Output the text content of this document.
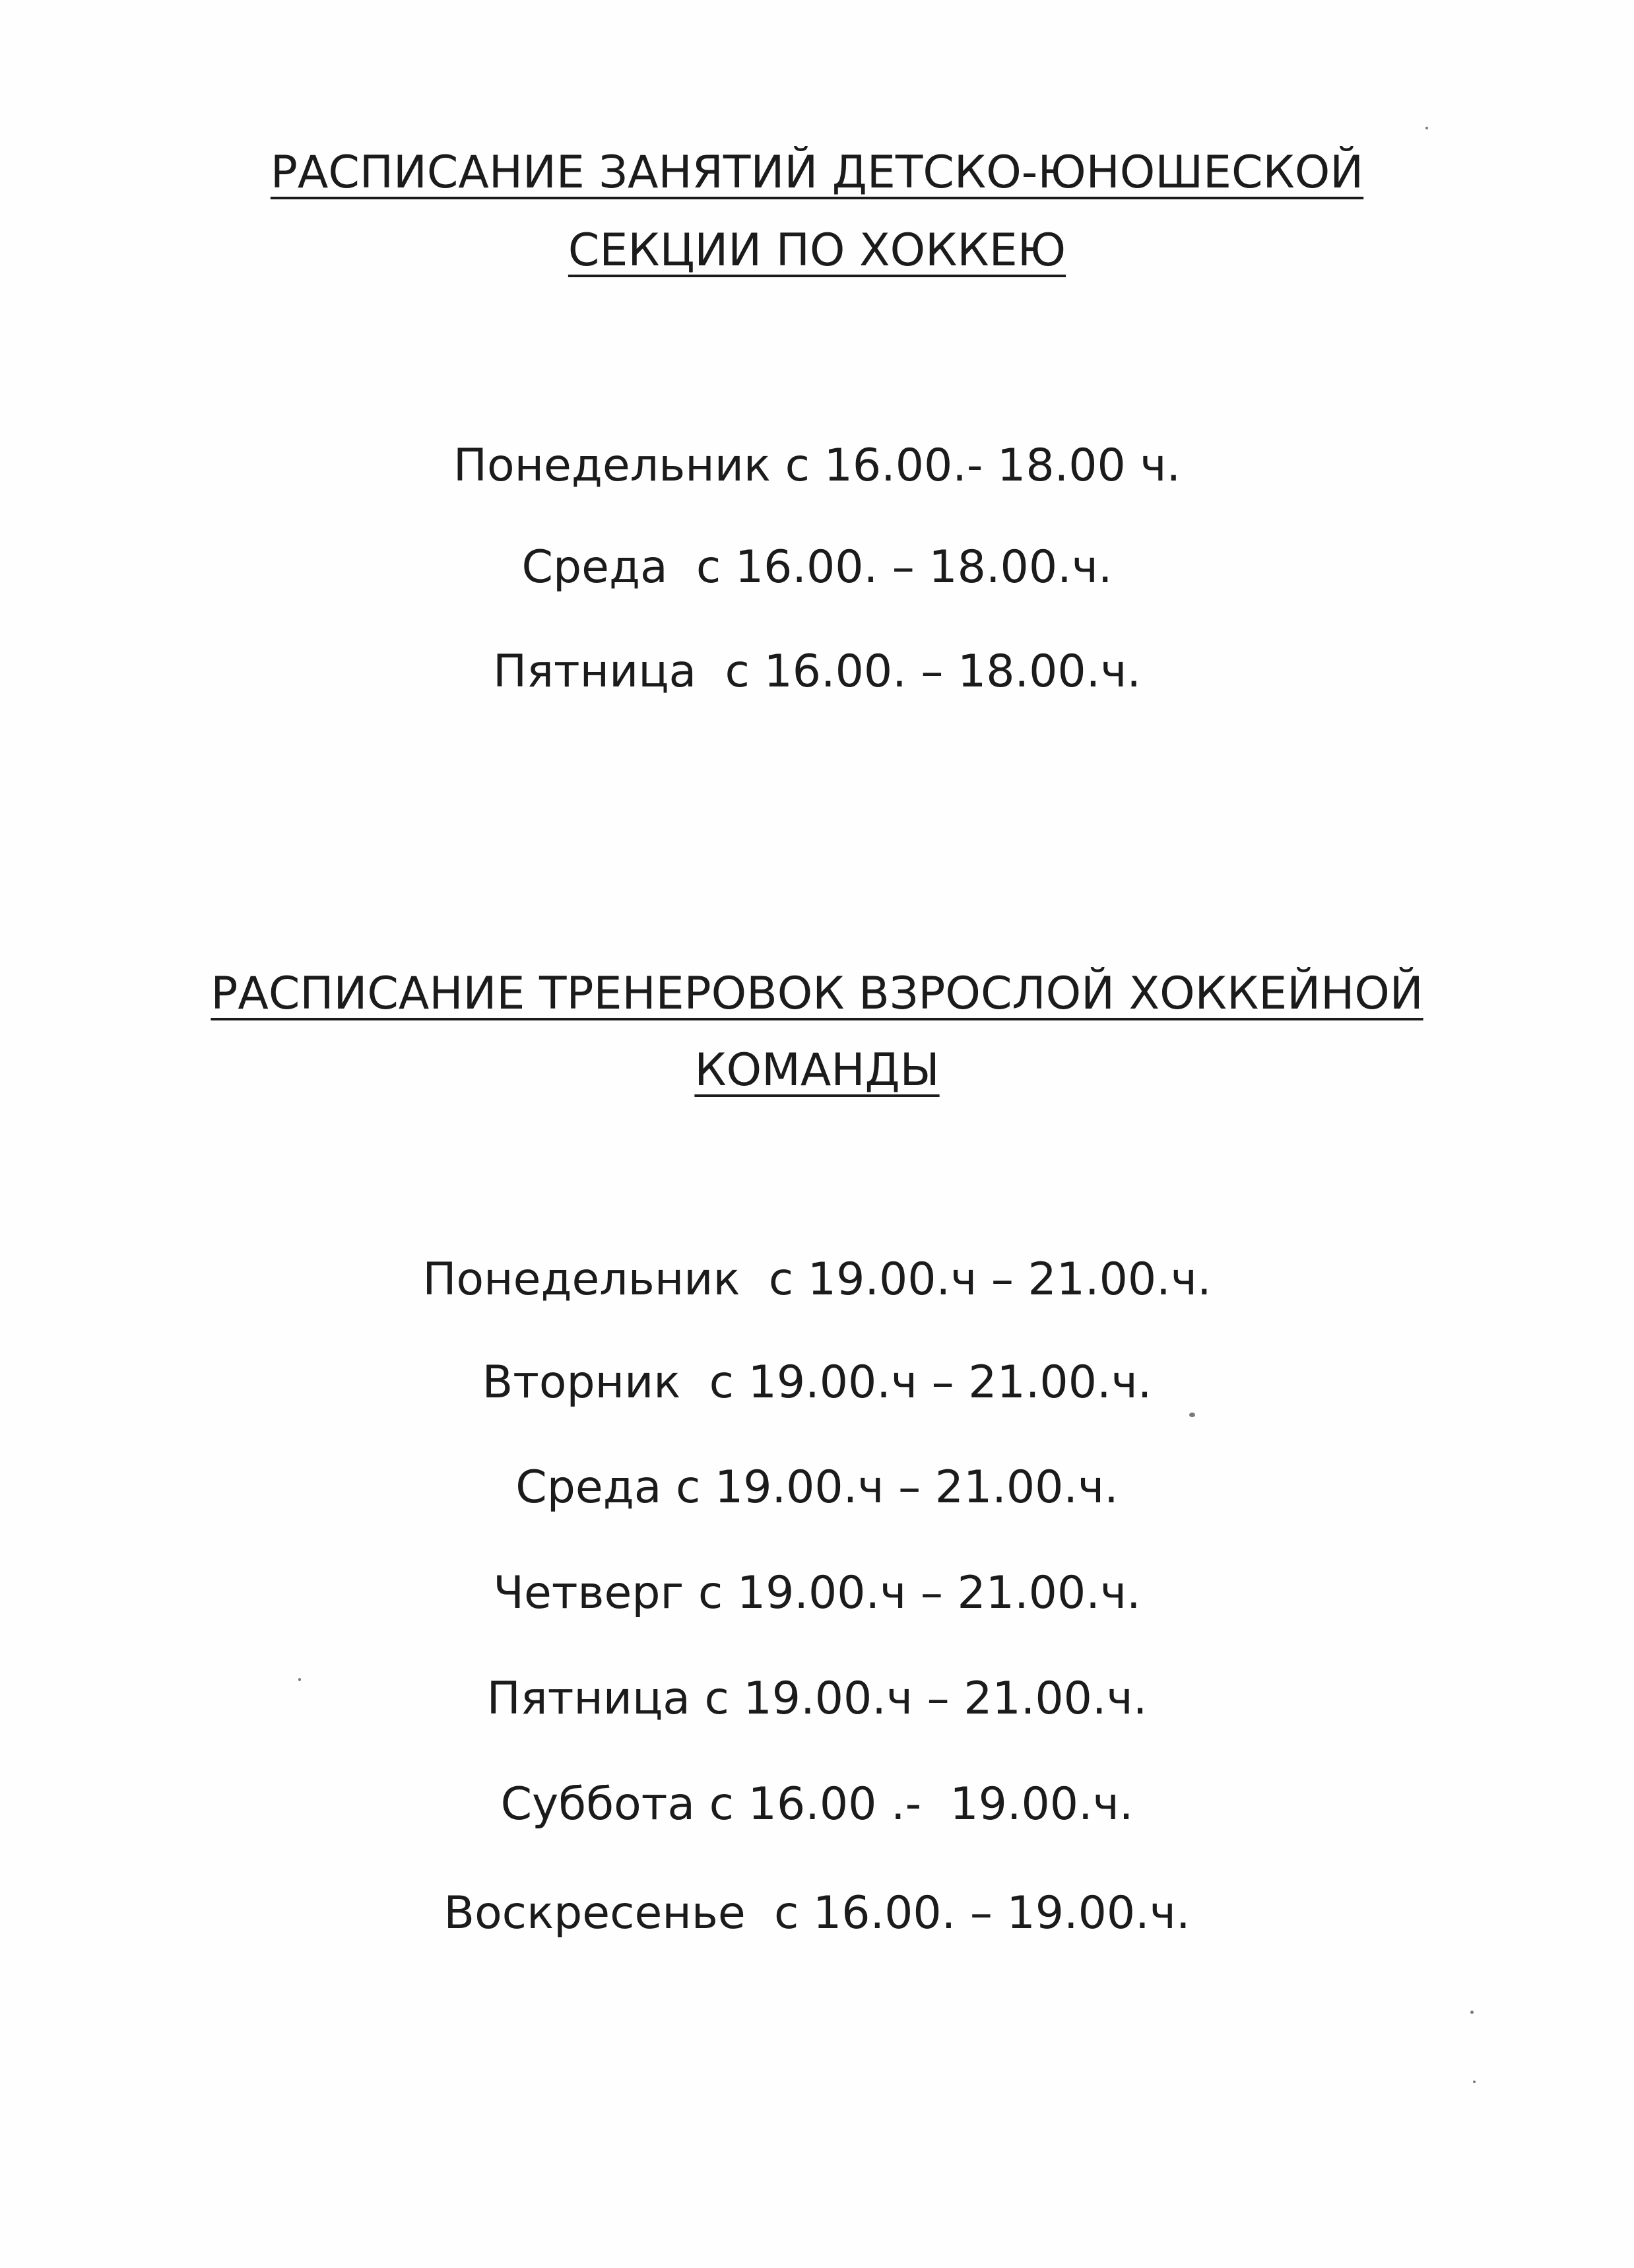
РАСПИСАНИЕ ЗАНЯТИЙ ДЕТСКО-ЮНОШЕСКОЙ
СЕКЦИИ ПО ХОККЕЮ
Понедельник с 16.00.- 18.00 ч.
Среда  с 16.00. – 18.00.ч.
Пятница  с 16.00. – 18.00.ч.
РАСПИСАНИЕ ТРЕНЕРОВОК ВЗРОСЛОЙ ХОККЕЙНОЙ
КОМАНДЫ
Понедельник  с 19.00.ч – 21.00.ч.
Вторник  с 19.00.ч – 21.00.ч.
Среда с 19.00.ч – 21.00.ч.
Четверг с 19.00.ч – 21.00.ч.
Пятница с 19.00.ч – 21.00.ч.
Суббота с 16.00 .-  19.00.ч.
Воскресенье  с 16.00. – 19.00.ч.
